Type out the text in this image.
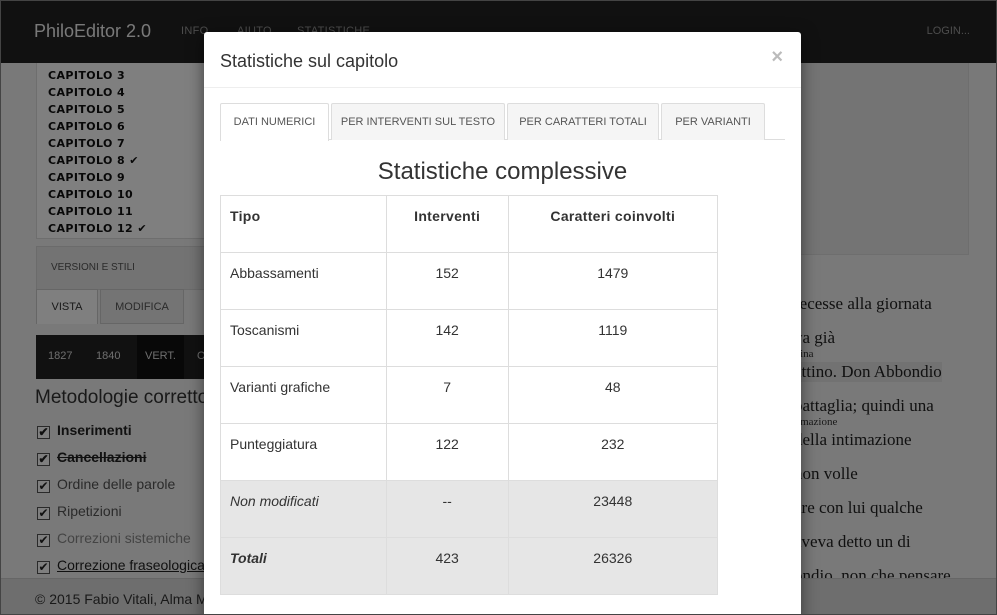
Statistiche sul capitolo	×
DATI NUMERICI	PER INTERVENTI SUL TESTO	PER CARATTERI TOTALI	PER VARIANTI
Statistiche complessive
Tipo	Interventi	Caratteri coinvolti
Abbassamenti	152	1479
Toscanismi	142	1119
Varianti grafiche	7	48
Punteggiatura	122	232
Non modificati	--	23448
Totali	423	26326
